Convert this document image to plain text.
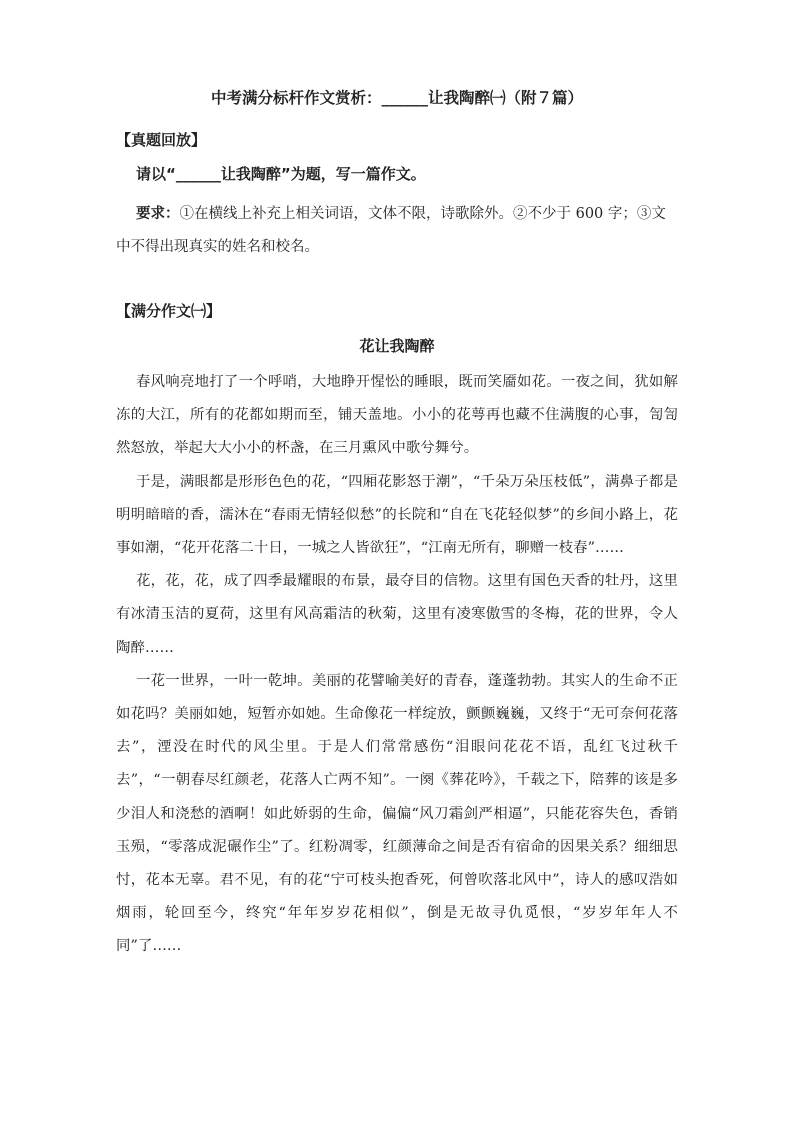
中考满分标杆作文赏析：______让我陶醉㈠（附７篇）
【真题回放】
请以“______让我陶醉”为题，写一篇作文。
要求：①在横线上补充上相关词语，文体不限，诗歌除外。②不少于 600 字；③文中不得出现真实的姓名和校名。
【满分作文㈠】
花让我陶醉

春风响亮地打了一个呼哨，大地睁开惺忪的睡眼，既而笑靥如花。一夜之间，犹如解冻的大江，所有的花都如期而至，铺天盖地。小小的花萼再也藏不住满腹的心事，訇訇然怒放，举起大大小小的杯盏，在三月熏风中歌兮舞兮。

于是，满眼都是形形色色的花，“四厢花影怒于潮”，“千朵万朵压枝低”，满鼻子都是明明暗暗的香，濡沐在“春雨无情轻似愁”的长院和“自在飞花轻似梦”的乡间小路上，花事如潮，“花开花落二十日，一城之人皆欲狂”，“江南无所有，聊赠一枝春”……

花，花，花，成了四季最耀眼的布景，最夺目的信物。这里有国色天香的牡丹，这里有冰清玉洁的夏荷，这里有风高霜洁的秋菊，这里有凌寒傲雪的冬梅，花的世界，令人陶醉……

一花一世界，一叶一乾坤。美丽的花譬喻美好的青春，蓬蓬勃勃。其实人的生命不正如花吗？美丽如她，短暂亦如她。生命像花一样绽放，颤颤巍巍，又终于“无可奈何花落去”，湮没在时代的风尘里。于是人们常常感伤“泪眼问花花不语，乱红飞过秋千去”，“一朝春尽红颜老，花落人亡两不知”。一阕《葬花吟》，千载之下，陪葬的该是多少泪人和浇愁的酒啊！如此娇弱的生命，偏偏“风刀霜剑严相逼”，只能花容失色，香销玉殒，“零落成泥碾作尘”了。红粉凋零，红颜薄命之间是否有宿命的因果关系？细细思忖，花本无辜。君不见，有的花“宁可枝头抱香死，何曾吹落北风中”，诗人的感叹浩如烟雨，轮回至今，终究“年年岁岁花相似”，倒是无故寻仇觅恨，“岁岁年年人不同”了……
